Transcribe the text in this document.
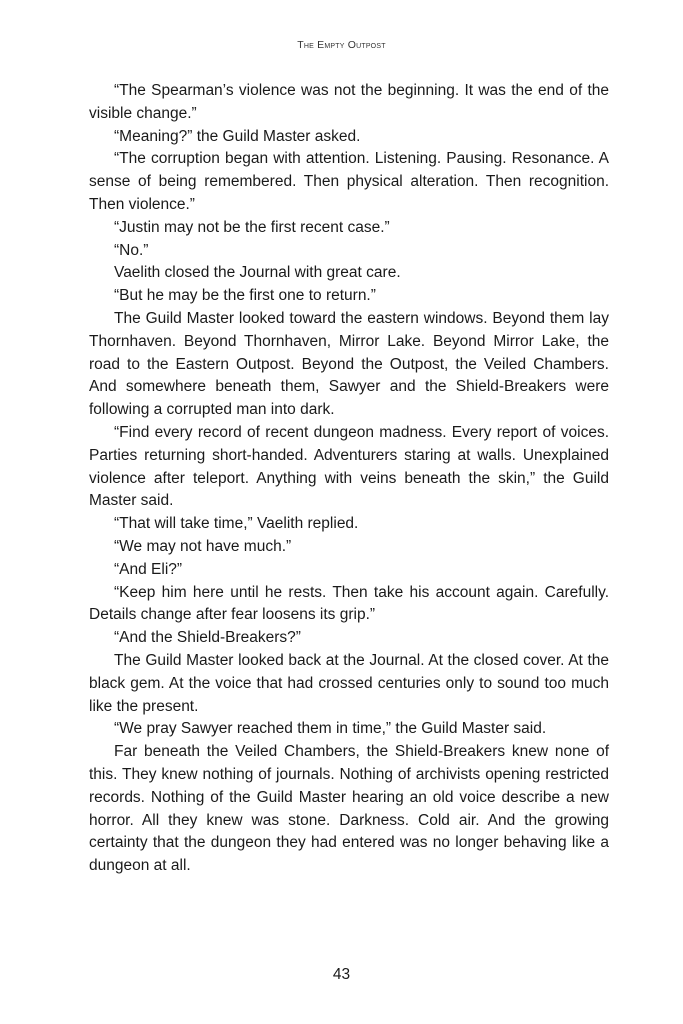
The Empty Outpost

“The Spearman’s violence was not the beginning. It was the end of the visible change.”

“Meaning?” the Guild Master asked.

“The corruption began with attention. Listening. Pausing. Resonance. A sense of being remembered. Then physical alteration. Then recognition. Then violence.”

“Justin may not be the first recent case.”

“No.”

Vaelith closed the Journal with great care.

“But he may be the first one to return.”

The Guild Master looked toward the eastern windows. Beyond them lay Thornhaven. Beyond Thornhaven, Mirror Lake. Beyond Mirror Lake, the road to the Eastern Outpost. Beyond the Outpost, the Veiled Chambers. And somewhere beneath them, Sawyer and the Shield-Breakers were following a corrupted man into dark.

“Find every record of recent dungeon madness. Every report of voices. Parties returning short-handed. Adventurers staring at walls. Unexplained violence after teleport. Anything with veins beneath the skin,” the Guild Master said.

“That will take time,” Vaelith replied.

“We may not have much.”

“And Eli?”

“Keep him here until he rests. Then take his account again. Carefully. Details change after fear loosens its grip.”

“And the Shield-Breakers?”

The Guild Master looked back at the Journal. At the closed cover. At the black gem. At the voice that had crossed centuries only to sound too much like the present.

“We pray Sawyer reached them in time,” the Guild Master said.

Far beneath the Veiled Chambers, the Shield-Breakers knew none of this. They knew nothing of journals. Nothing of archivists opening restricted records. Nothing of the Guild Master hearing an old voice describe a new horror. All they knew was stone. Darkness. Cold air. And the growing certainty that the dungeon they had entered was no longer behaving like a dungeon at all.

43
